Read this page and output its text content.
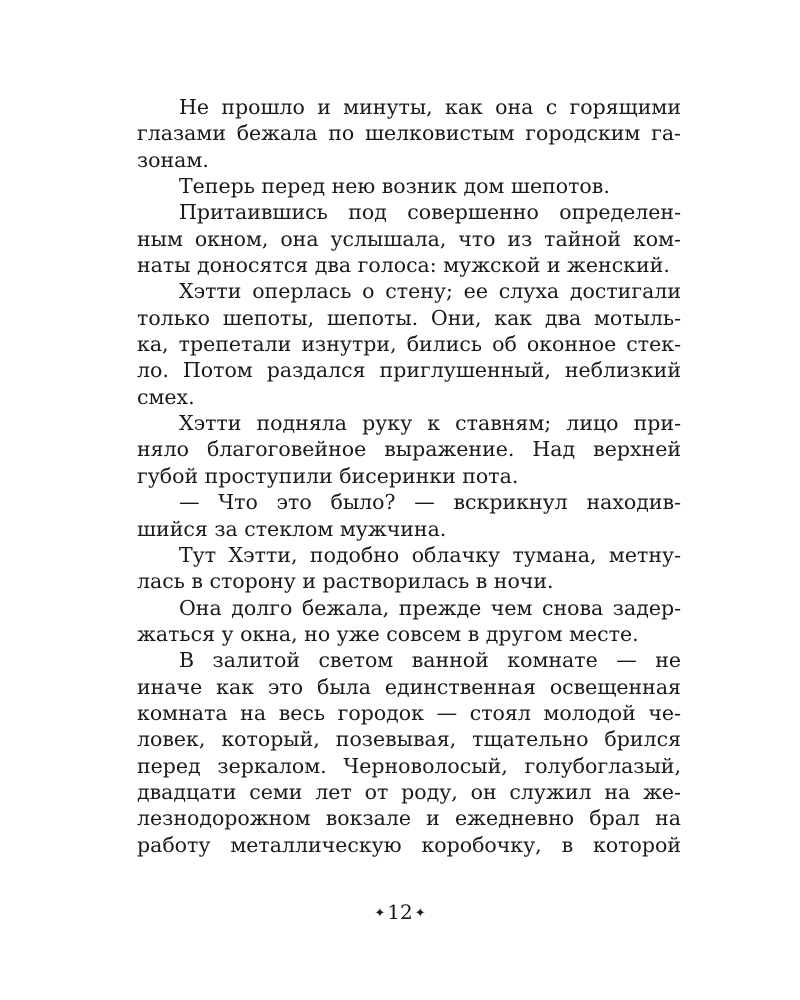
Не прошло и минуты, как она с горящими
глазами бежала по шелковистым городским га-
зонам.
Теперь перед нею возник дом шепотов.
Притаившись под совершенно определен-
ным окном, она услышала, что из тайной ком-
наты доносятся два голоса: мужской и женский.
Хэтти оперлась о стену; ее слуха достигали
только шепоты, шепоты. Они, как два мотыль-
ка, трепетали изнутри, бились об оконное стек-
ло. Потом раздался приглушенный, неблизкий
смех.
Хэтти подняла руку к ставням; лицо при-
няло благоговейное выражение. Над верхней
губой проступили бисеринки пота.
— Что это было? — вскрикнул находив-
шийся за стеклом мужчина.
Тут Хэтти, подобно облачку тумана, метну-
лась в сторону и растворилась в ночи.
Она долго бежала, прежде чем снова задер-
жаться у окна, но уже совсем в другом месте.
В залитой светом ванной комнате — не
иначе как это была единственная освещенная
комната на весь городок — стоял молодой че-
ловек, который, позевывая, тщательно брился
перед зеркалом. Черноволосый, голубоглазый,
двадцати семи лет от роду, он служил на же-
лезнодорожном вокзале и ежедневно брал на
работу металлическую коробочку, в которой
✦ 12 ✦
